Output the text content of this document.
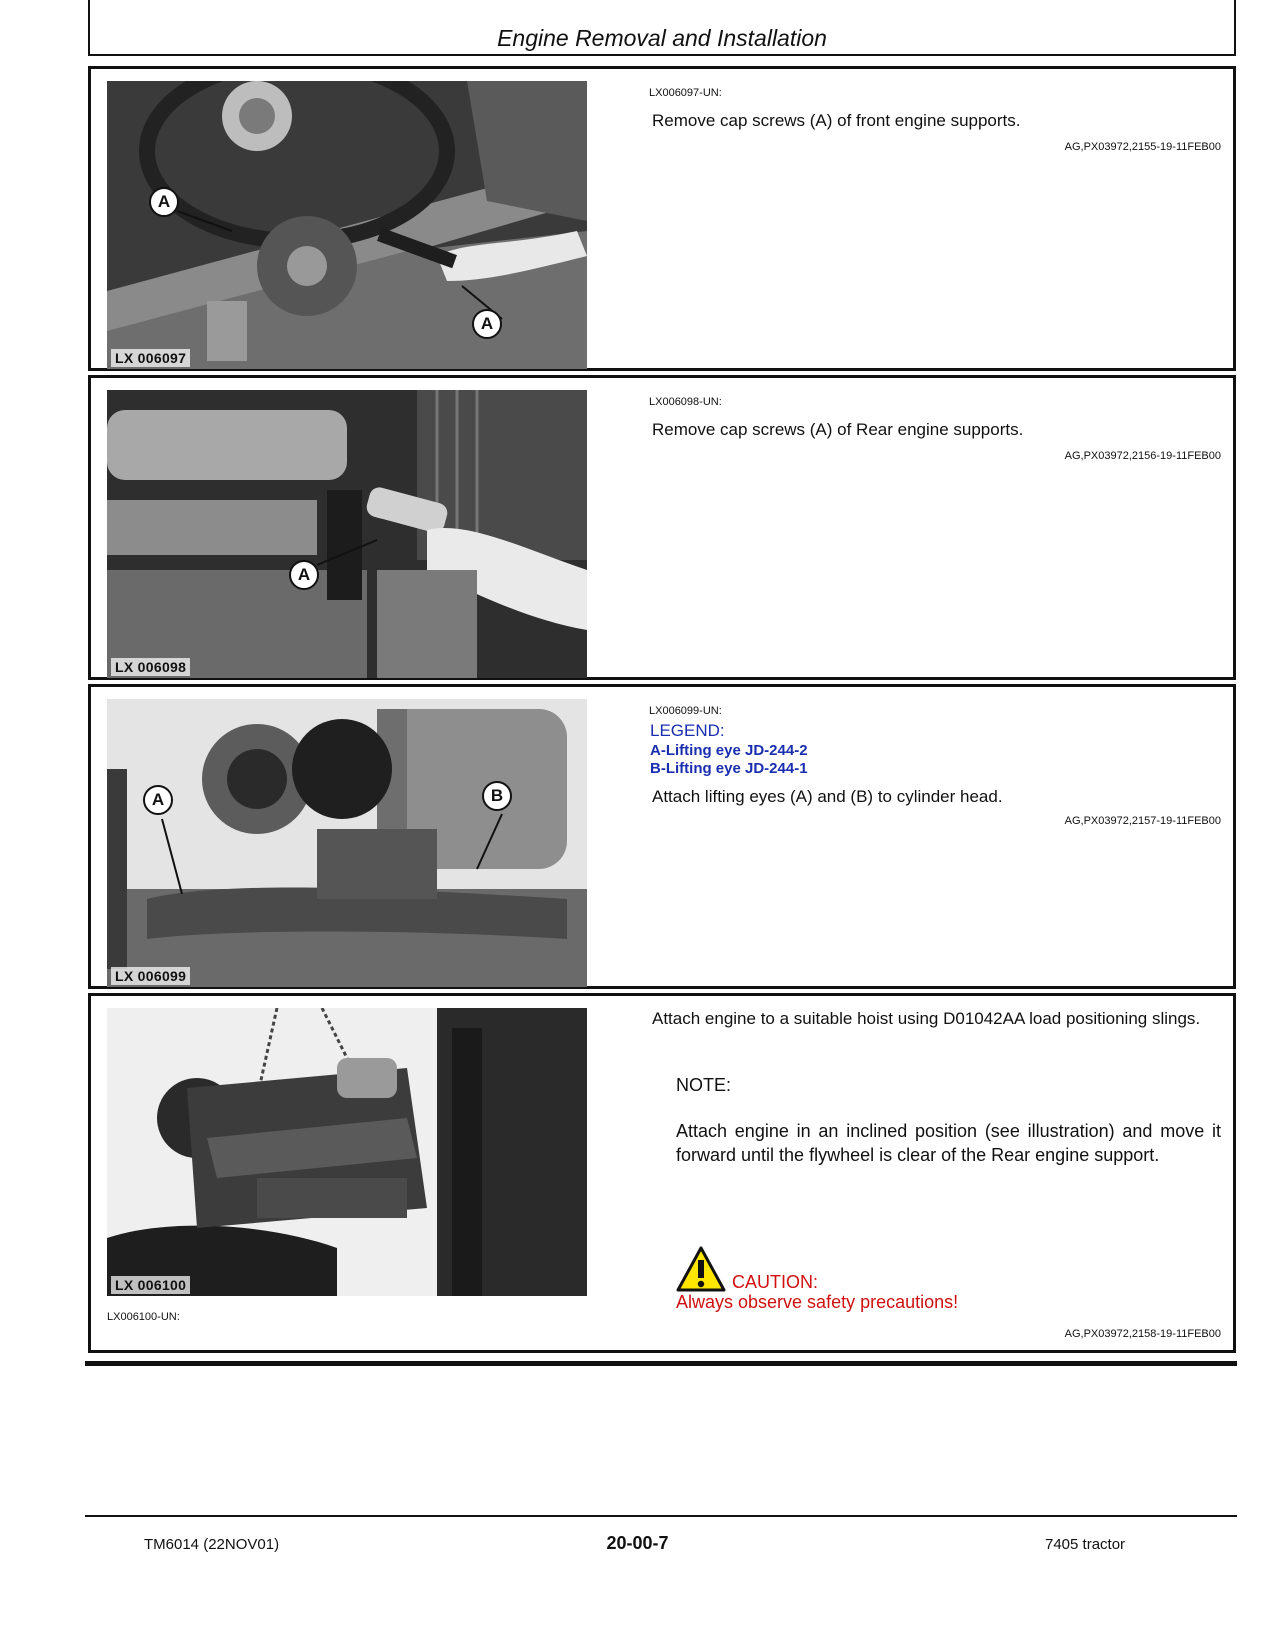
Engine Removal and Installation
A
A
LX 006097
LX006097-UN:
Remove cap screws (A) of front engine supports.
AG,PX03972,2155-19-11FEB00
A
LX 006098
LX006098-UN:
Remove cap screws (A) of Rear engine supports.
AG,PX03972,2156-19-11FEB00
A	B
LX 006099
LX006099-UN:
LEGEND:
A-Lifting eye JD-244-2
B-Lifting eye JD-244-1
Attach lifting eyes (A) and (B) to cylinder head.
AG,PX03972,2157-19-11FEB00
LX 006100
LX006100-UN:
Attach engine to a suitable hoist using D01042AA load positioning slings.
NOTE:
Attach engine in an inclined position (see illustration) and move it forward until the flywheel is clear of the Rear engine support.
CAUTION:
Always observe safety precautions!
AG,PX03972,2158-19-11FEB00
TM6014 (22NOV01)	20-00-7	7405 tractor
